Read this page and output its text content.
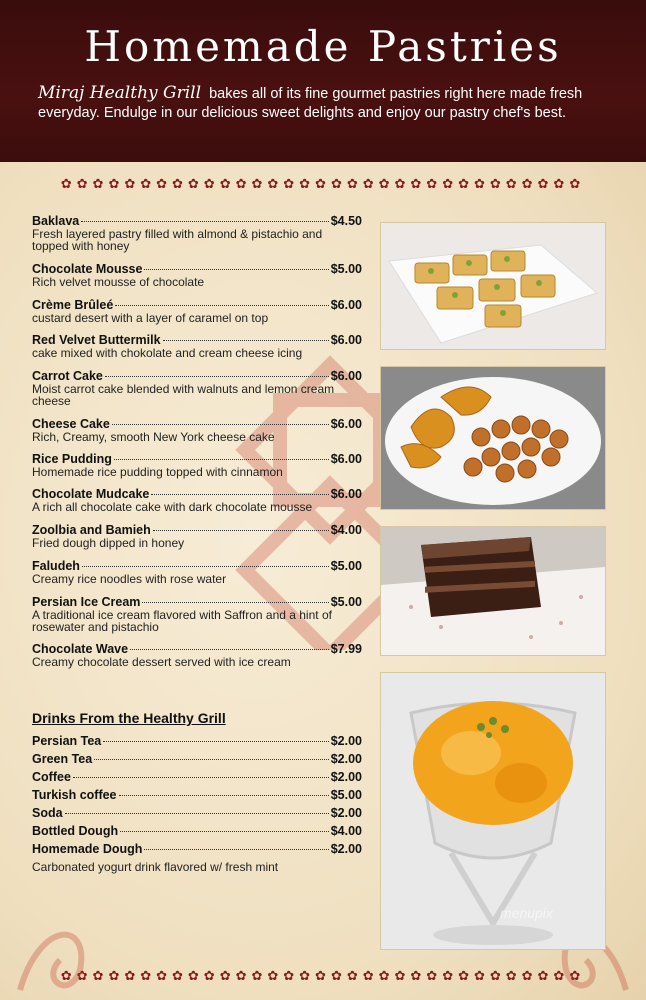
Homemade Pastries

Miraj Healthy Grill bakes all of its fine gourmet pastries right here made fresh everyday. Endulge in our delicious sweet delights and enjoy our pastry chef's best.

✿✿✿✿✿✿✿✿✿✿✿✿✿✿✿✿✿✿✿✿✿✿✿✿✿✿✿✿✿✿✿✿✿
✿✿✿✿✿✿✿✿✿✿✿✿✿✿✿✿✿✿✿✿✿✿✿✿✿✿✿✿✿✿✿✿✿
Baklava	$4.50
Fresh layered pastry filled with almond & pistachio and topped with honey
Chocolate Mousse	$5.00
Rich velvet mousse of chocolate
Crème Brûleé	$6.00
custard desert with a layer of caramel on top
Red Velvet Buttermilk	$6.00
cake mixed with chokolate and cream cheese icing
Carrot Cake	$6.00
Moist carrot cake blended with walnuts and lemon cream cheese
Cheese Cake	$6.00
Rich, Creamy, smooth New York cheese cake
Rice Pudding	$6.00
Homemade rice pudding topped with cinnamon
Chocolate Mudcake	$6.00
A rich all chocolate cake with dark chocolate mousse
Zoolbia and Bamieh	$4.00
Fried dough dipped in honey
Faludeh	$5.00
Creamy rice noodles with rose water
Persian Ice Cream	$5.00
A traditional ice cream flavored with Saffron and a hint of rosewater and pistachio
Chocolate Wave	$7.99
Creamy chocolate dessert served with ice cream
Drinks From the Healthy Grill
Persian Tea	$2.00
Green Tea	$2.00
Coffee	$2.00
Turkish coffee	$5.00
Soda	$2.00
Bottled Dough	$4.00
Homemade Dough	$2.00
Carbonated yogurt drink flavored w/ fresh mint
menupix
